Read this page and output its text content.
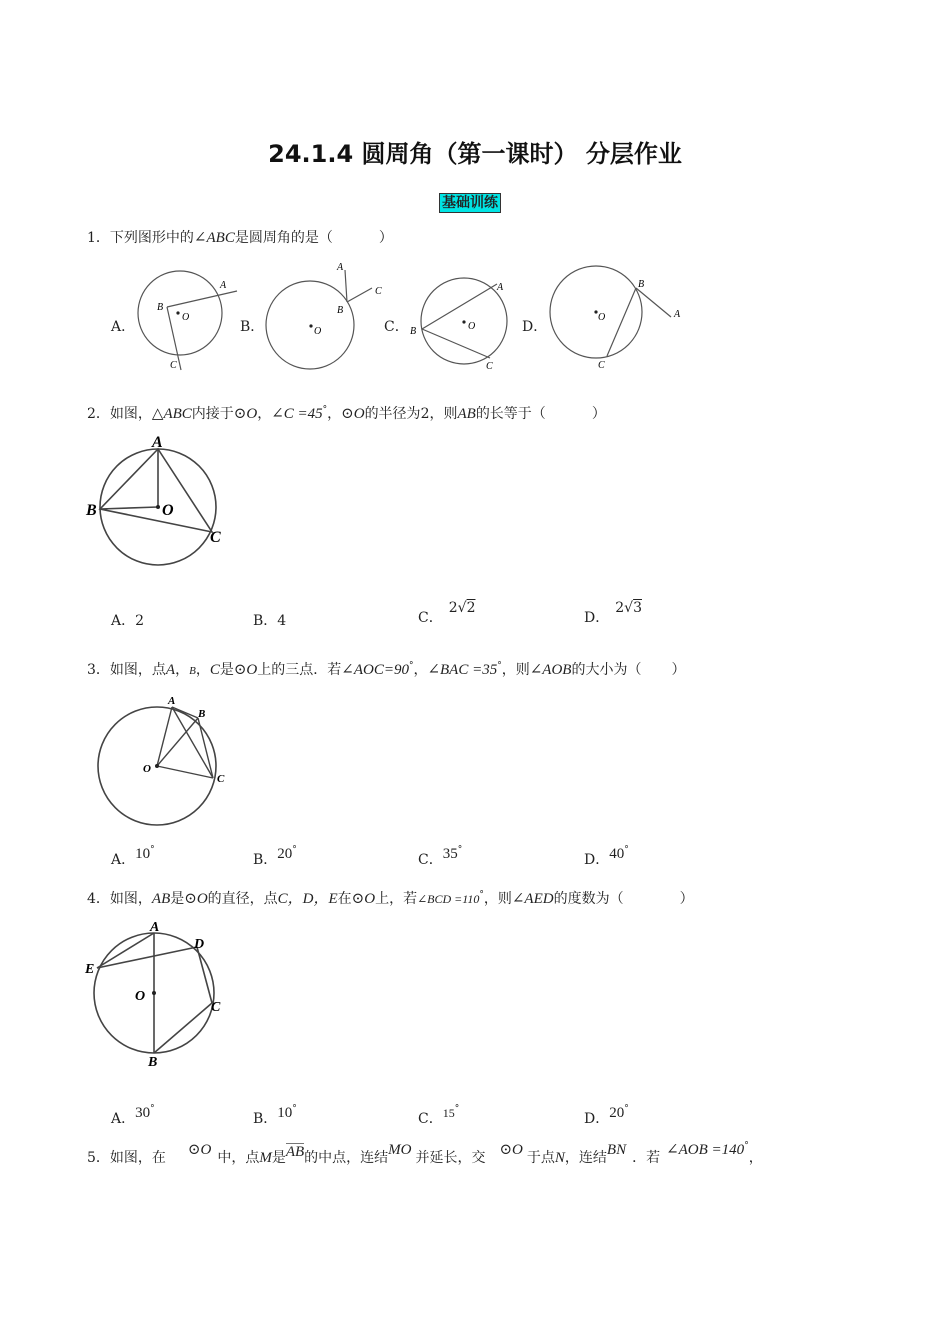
24.1.4 圆周角（第一课时） 分层作业
基础训练
1．下列图形中的∠ABC是圆周角的是（	）
A．	B．	C．	D．
A
B
C
O
A
B
C
O
A
B
C
O
B
A
C
O
2．如图，△ABC内接于⊙O，∠C =45°，⊙O的半径为2，则AB的长等于（	）
A
B
C
O
A．2	B．4	C．2√2
D．2√3
3．如图，点A，B，C是⊙O上的三点．若∠AOC=90°，∠BAC =35°，则∠AOB的大小为（ ）
A
B
C
O
A．10°
B．20°
C．35°
D．40°
4．如图，AB是⊙O的直径，点C，D，E在⊙O上，若∠BCD =110°，则∠AED的度数为（	）
A
D
E
O
C
B
A．30°
B．10°
C．15°
D．20°
5．如图，在 ⊙O 中，点M是AB的中点，连结MO 并延长，交 ⊙O 于点N，连结BN ．若 ∠AOB =140°，
